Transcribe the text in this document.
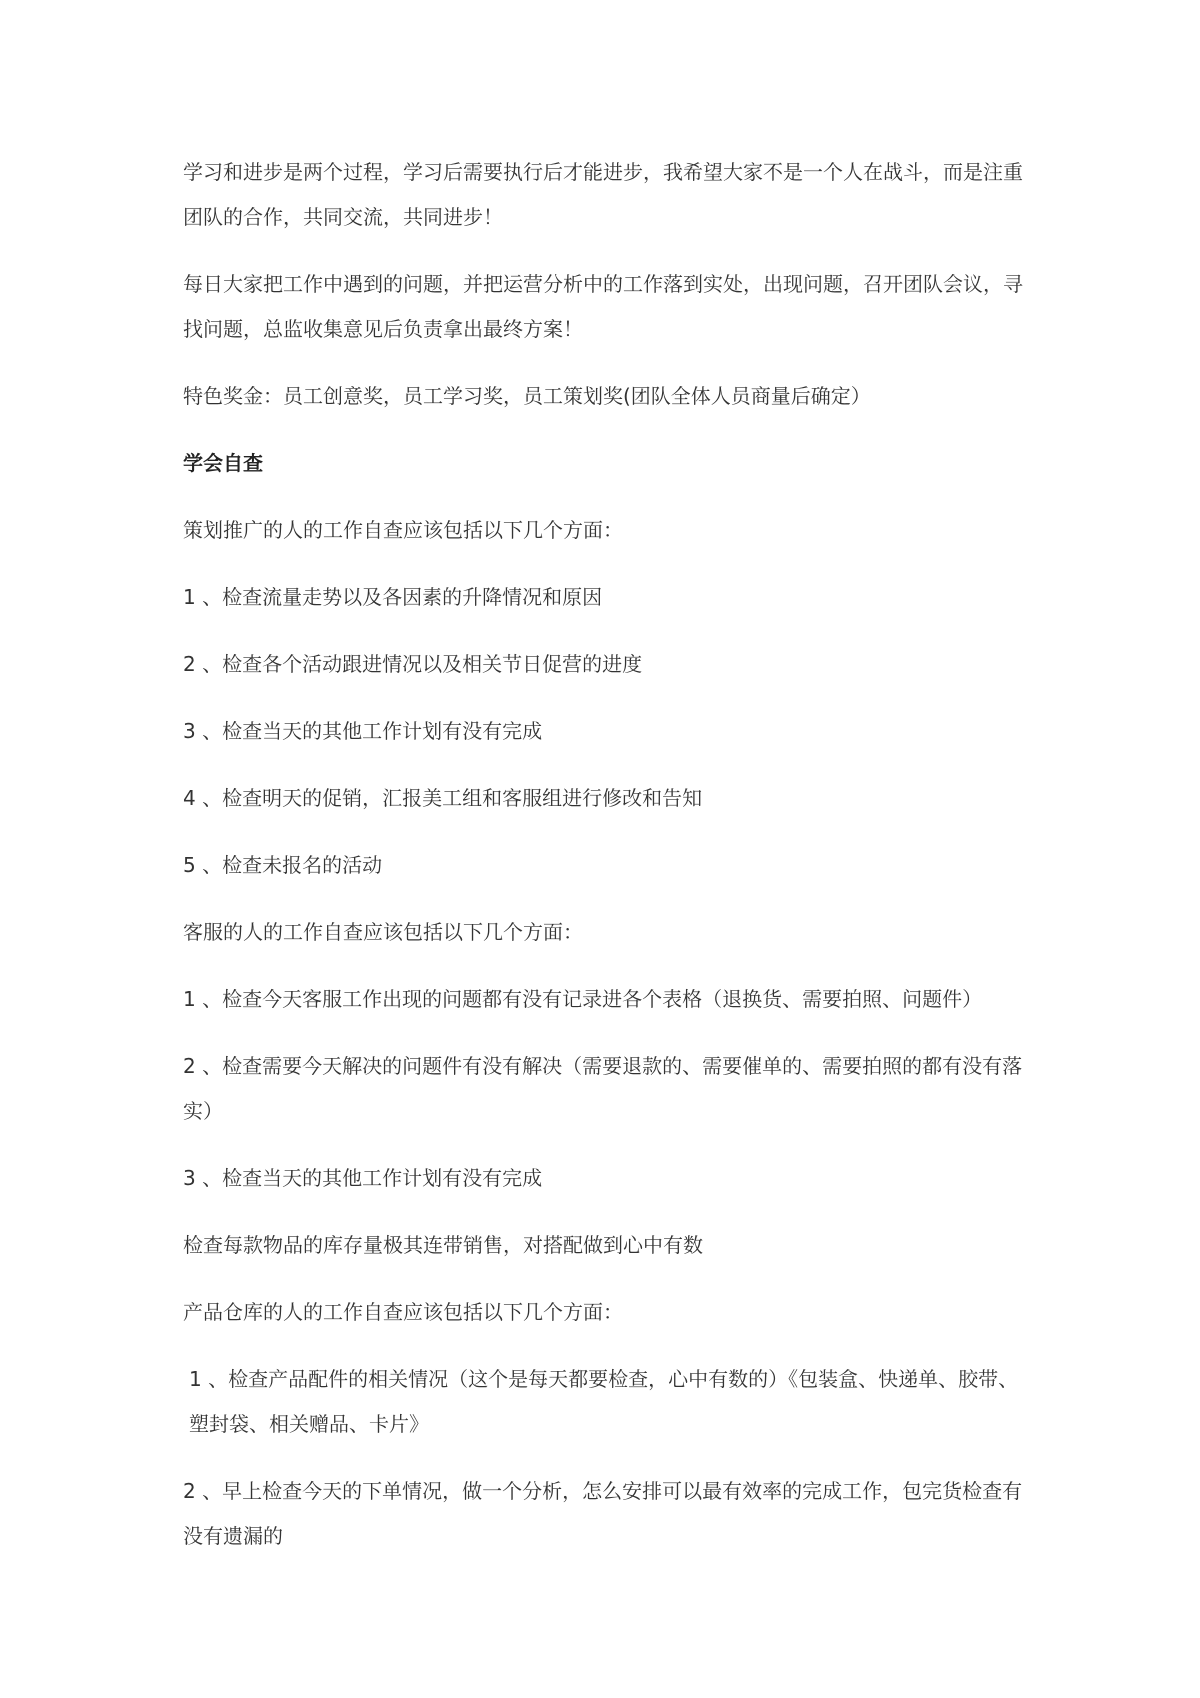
学习和进步是两个过程，学习后需要执行后才能进步，我希望大家不是一个人在战斗，而是注重团队的合作，共同交流，共同进步！

每日大家把工作中遇到的问题，并把运营分析中的工作落到实处，出现问题，召开团队会议，寻找问题，总监收集意见后负责拿出最终方案！

特色奖金：员工创意奖，员工学习奖，员工策划奖(团队全体人员商量后确定）

学会自查

策划推广的人的工作自查应该包括以下几个方面：

1 、检查流量走势以及各因素的升降情况和原因

2 、检查各个活动跟进情况以及相关节日促营的进度

3 、检查当天的其他工作计划有没有完成

4 、检查明天的促销，汇报美工组和客服组进行修改和告知

5 、检查未报名的活动

客服的人的工作自查应该包括以下几个方面：

1 、检查今天客服工作出现的问题都有没有记录进各个表格（退换货、需要拍照、问题件）

2 、检查需要今天解决的问题件有没有解决（需要退款的、需要催单的、需要拍照的都有没有落实）

3 、检查当天的其他工作计划有没有完成

检查每款物品的库存量极其连带销售，对搭配做到心中有数

产品仓库的人的工作自查应该包括以下几个方面：

1 、检查产品配件的相关情况（这个是每天都要检查，心中有数的）《包装盒、快递单、胶带、塑封袋、相关赠品、卡片》

2 、早上检查今天的下单情况，做一个分析，怎么安排可以最有效率的完成工作，包完货检查有没有遗漏的
